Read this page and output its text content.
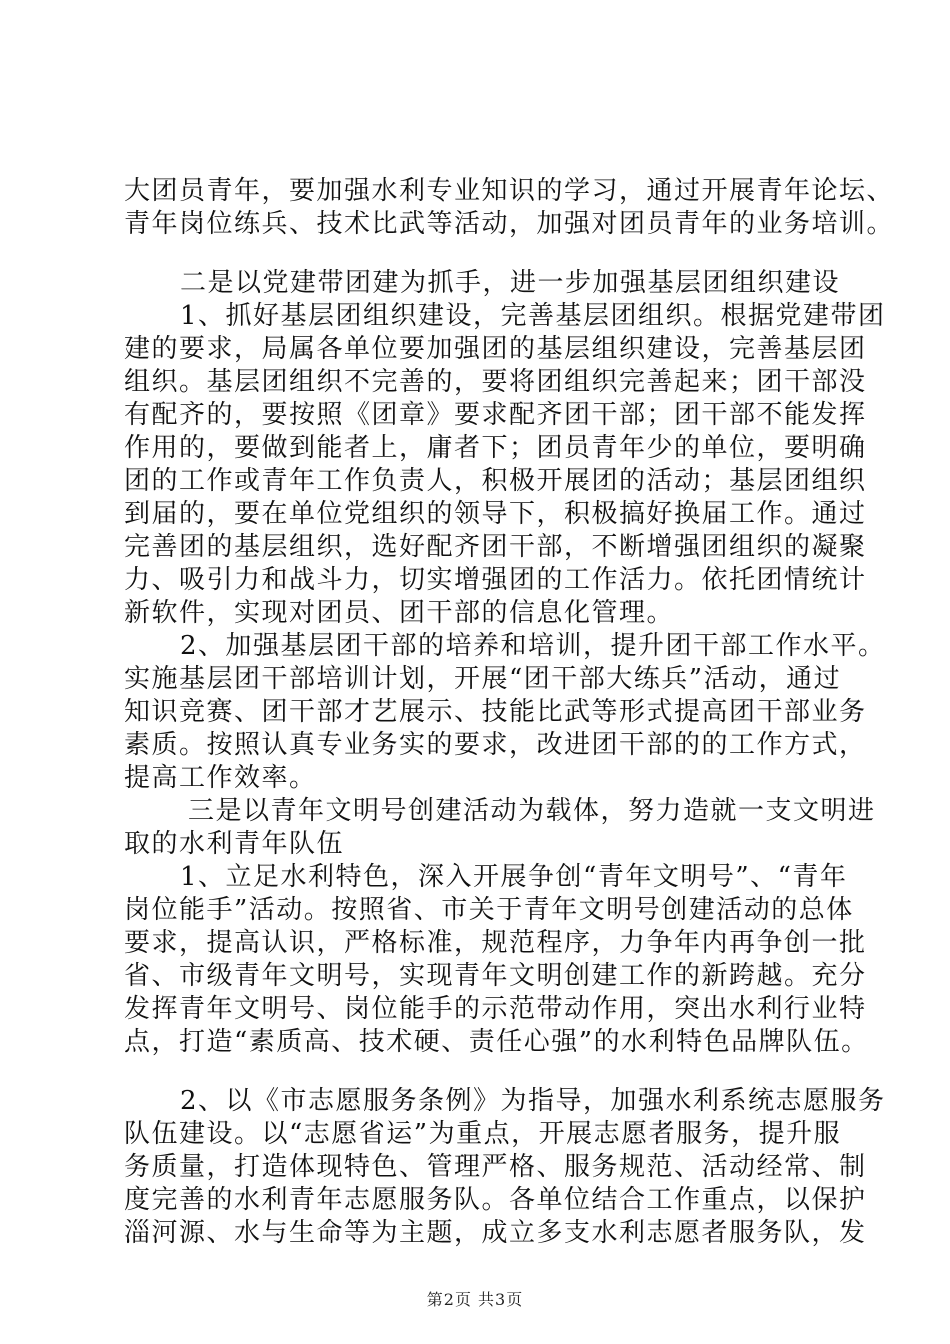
大团员青年，要加强水利专业知识的学习，通过开展青年论坛、
青年岗位练兵、技术比武等活动，加强对团员青年的业务培训。
二是以党建带团建为抓手，进一步加强基层团组织建设
1、抓好基层团组织建设，完善基层团组织。根据党建带团
建的要求，局属各单位要加强团的基层组织建设，完善基层团
组织。基层团组织不完善的，要将团组织完善起来；团干部没
有配齐的，要按照《团章》要求配齐团干部；团干部不能发挥
作用的，要做到能者上，庸者下；团员青年少的单位，要明确
团的工作或青年工作负责人，积极开展团的活动；基层团组织
到届的，要在单位党组织的领导下，积极搞好换届工作。通过
完善团的基层组织，选好配齐团干部，不断增强团组织的凝聚
力、吸引力和战斗力，切实增强团的工作活力。依托团情统计
新软件，实现对团员、团干部的信息化管理。
2、加强基层团干部的培养和培训，提升团干部工作水平。
实施基层团干部培训计划，开展“团干部大练兵”活动，通过
知识竞赛、团干部才艺展示、技能比武等形式提高团干部业务
素质。按照认真专业务实的要求，改进团干部的的工作方式，
提高工作效率。
三是以青年文明号创建活动为载体，努力造就一支文明进
取的水利青年队伍
1、立足水利特色，深入开展争创“青年文明号”、“青年
岗位能手”活动。按照省、市关于青年文明号创建活动的总体
要求，提高认识，严格标准，规范程序，力争年内再争创一批
省、市级青年文明号，实现青年文明创建工作的新跨越。充分
发挥青年文明号、岗位能手的示范带动作用，突出水利行业特
点，打造“素质高、技术硬、责任心强”的水利特色品牌队伍。
2、以《市志愿服务条例》为指导，加强水利系统志愿服务
队伍建设。以“志愿省运”为重点，开展志愿者服务，提升服
务质量，打造体现特色、管理严格、服务规范、活动经常、制
度完善的水利青年志愿服务队。各单位结合工作重点，以保护
淄河源、水与生命等为主题，成立多支水利志愿者服务队，发
第2页 共3页
